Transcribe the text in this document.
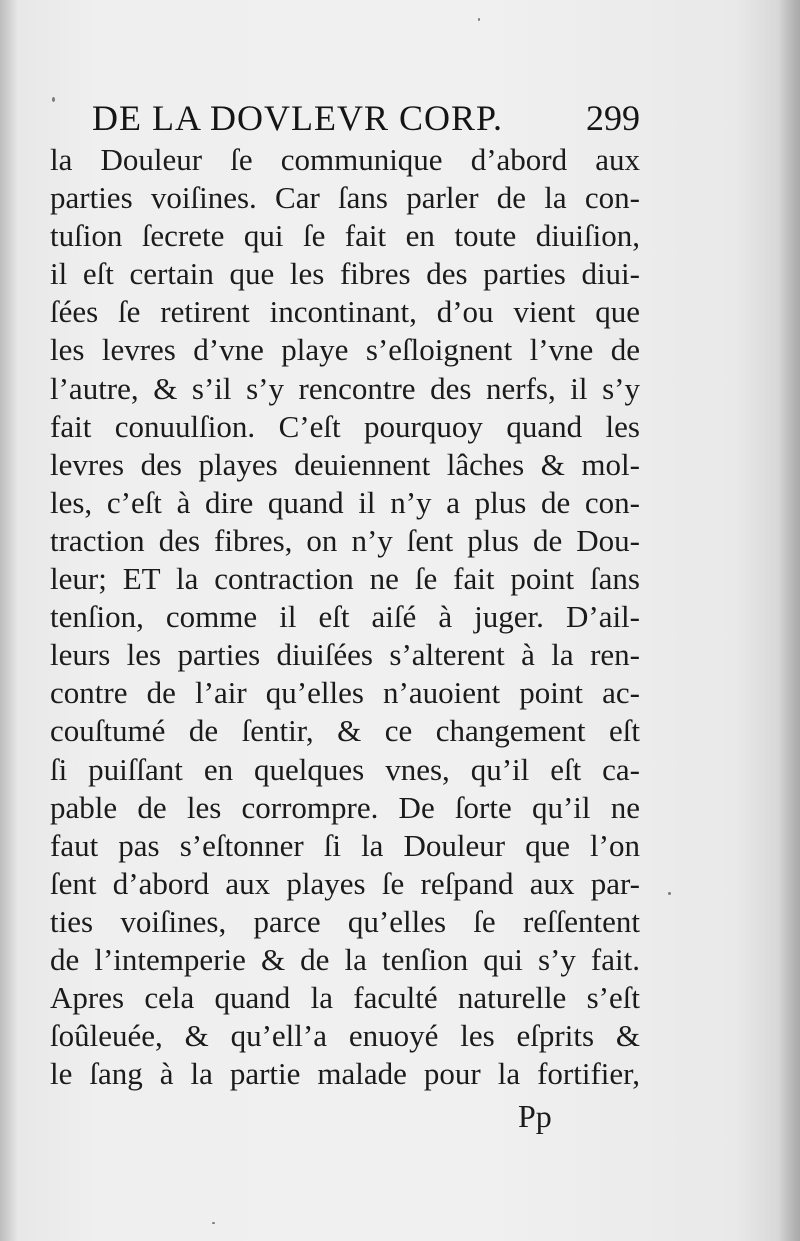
DE LA DOVLEVR CORP. 299
la Douleur ſe communique d’abord aux
parties voiſines. Car ſans parler de la con-
tuſion ſecrete qui ſe fait en toute diuiſion,
il eſt certain que les fibres des parties diui-
ſées ſe retirent incontinant, d’ou vient que
les levres d’vne playe s’eſloignent l’vne de
l’autre, & s’il s’y rencontre des nerfs, il s’y
fait conuulſion. C’eſt pourquoy quand les
levres des playes deuiennent lâches & mol-
les, c’eſt à dire quand il n’y a plus de con-
traction des fibres, on n’y ſent plus de Dou-
leur; ET la contraction ne ſe fait point ſans
tenſion, comme il eſt aiſé à juger. D’ail-
leurs les parties diuiſées s’alterent à la ren-
contre de l’air qu’elles n’auoient point ac-
couſtumé de ſentir, & ce changement eſt
ſi puiſſant en quelques vnes, qu’il eſt ca-
pable de les corrompre. De ſorte qu’il ne
faut pas s’eſtonner ſi la Douleur que l’on
ſent d’abord aux playes ſe reſpand aux par-
ties voiſines, parce qu’elles ſe reſſentent
de l’intemperie & de la tenſion qui s’y fait.
Apres cela quand la faculté naturelle s’eſt
ſoûleuée, & qu’ell’a enuoyé les eſprits &
le ſang à la partie malade pour la fortifier,
Pp
